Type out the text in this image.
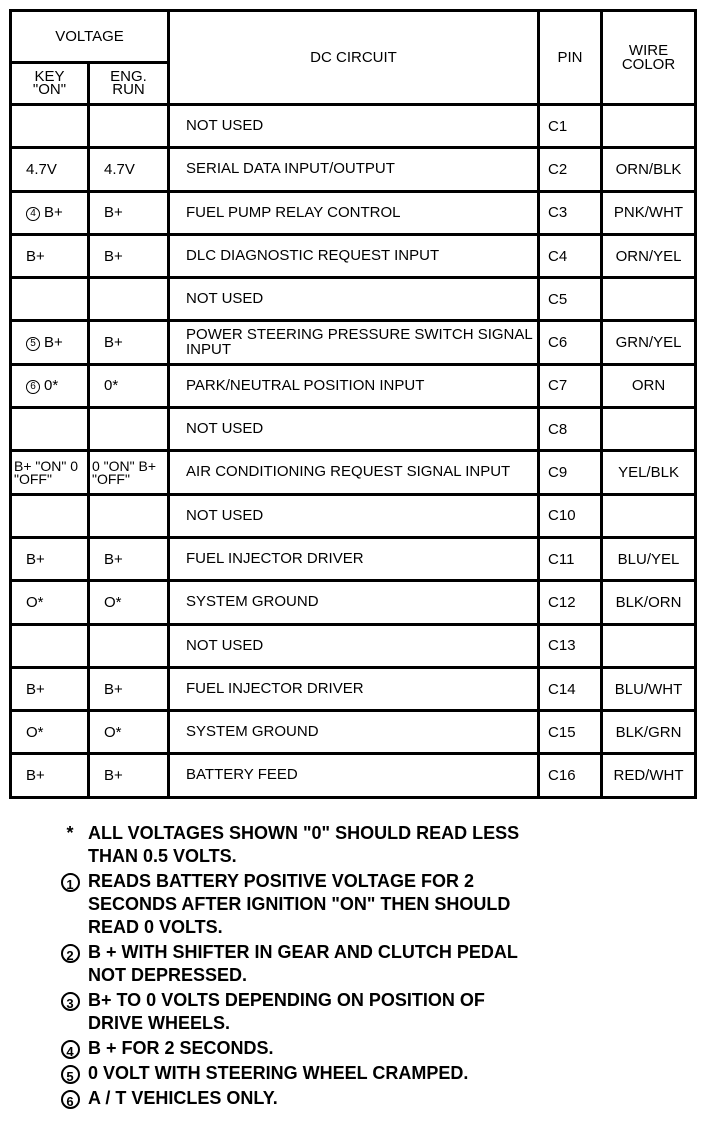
VOLTAGE		DC CIRCUIT	PIN	WIRE COLOR
KEY "ON"	ENG. RUN			
		NOT USED	C1	
4.7V	4.7V	SERIAL DATA INPUT/OUTPUT	C2	ORN/BLK
4 B+	B+	FUEL PUMP RELAY CONTROL	C3	PNK/WHT
B+	B+	DLC DIAGNOSTIC REQUEST INPUT	C4	ORN/YEL
		NOT USED	C5	
5 B+	B+	POWER STEERING PRESSURE SWITCH SIGNAL INPUT	C6	GRN/YEL
6 0*	0*	PARK/NEUTRAL POSITION INPUT	C7	ORN
		NOT USED	C8	
B+ "ON" 0 "OFF"	0 "ON" B+ "OFF"	AIR CONDITIONING REQUEST SIGNAL INPUT	C9	YEL/BLK
		NOT USED	C10	
B+	B+	FUEL INJECTOR DRIVER	C11	BLU/YEL
O*	O*	SYSTEM GROUND	C12	BLK/ORN
		NOT USED	C13	
B+	B+	FUEL INJECTOR DRIVER	C14	BLU/WHT
O*	O*	SYSTEM GROUND	C15	BLK/GRN
B+	B+	BATTERY FEED	C16	RED/WHT
* ALL VOLTAGES SHOWN "0" SHOULD READ LESS THAN 0.5 VOLTS.
1 READS BATTERY POSITIVE VOLTAGE FOR 2 SECONDS AFTER IGNITION "ON" THEN SHOULD READ 0 VOLTS.
2 B + WITH SHIFTER IN GEAR AND CLUTCH PEDAL NOT DEPRESSED.
3 B+ TO 0 VOLTS DEPENDING ON POSITION OF DRIVE WHEELS.
4 B + FOR 2 SECONDS.
5 0 VOLT WITH STEERING WHEEL CRAMPED.
6 A / T VEHICLES ONLY.
